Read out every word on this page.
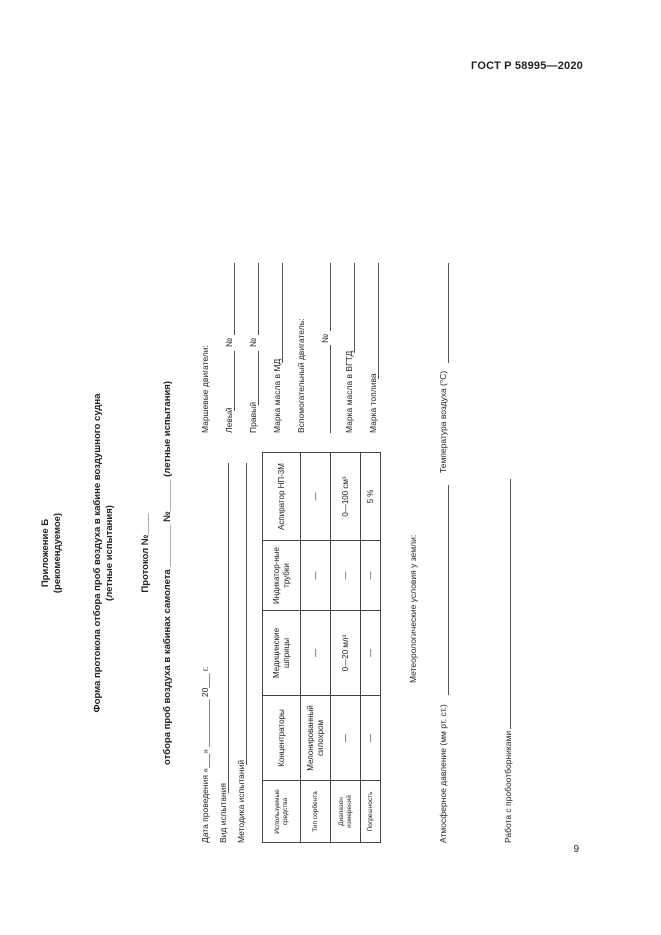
ГОСТ Р 58995—2020
Приложение Б (рекомендуемое)	Форма протокола отбора проб воздуха в кабине воздушного судна (летные испытания)	Протокол №____ отбора проб воздуха в кабинах самолета ________ №______ (летные испытания)	Дата проведения «___» __________ 20___ г. Вид испытания Методика испытаний	Используемые средства	Концентраторы	Медицинские шприцы	Индикатор-ные трубки	Аспиратор НП-3М
Тип сорбента	Мелонированный силохром	—	—	—
Диапазон измерений	—	0—20 мл³	—	0—100 см³
Погрешность	—	—	—	5 %
Маршевые двигатели: Левый
№
Правый
№
Марка масла в МД Вспомогательный двигатель: №
Марка масла в ВГТД Марка топлива
Метеорологические условия у земли:
Атмосферное давление (мм рт. ст.)
Температура воздуха (°С)
Работа с пробоотборниками
9
